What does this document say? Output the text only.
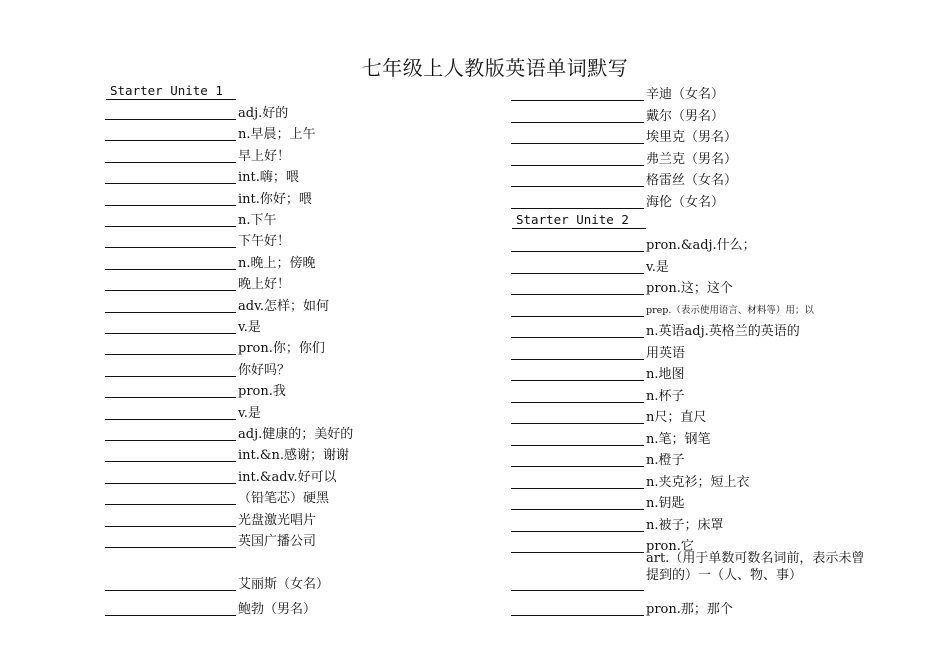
七年级上人教版英语单词默写
Starter Unite 1
adj.好的
n.早晨；上午
早上好！
int.嗨；喂
int.你好；喂
n.下午
下午好！
n.晚上；傍晚
晚上好！
adv.怎样；如何
v.是
pron.你；你们
你好吗？
pron.我
v.是
adj.健康的；美好的
int.&n.感谢；谢谢
int.&adv.好可以
（铅笔芯）硬黑
光盘激光唱片
英国广播公司
艾丽斯（女名）
鲍勃（男名）
辛迪（女名）
戴尔（男名）
埃里克（男名）
弗兰克（男名）
格雷丝（女名）
海伦（女名）
Starter Unite 2
pron.&adj.什么；
v.是
pron.这；这个
prep.（表示使用语言、材料等）用；以
n.英语adj.英格兰的英语的
用英语
n.地图
n.杯子
n尺；直尺
n.笔；钢笔
n.橙子
n.夹克衫；短上衣
n.钥匙
n.被子；床罩
pron.它
art.（用于单数可数名词前，表示未曾提到的）一（人、物、事）
pron.那；那个
